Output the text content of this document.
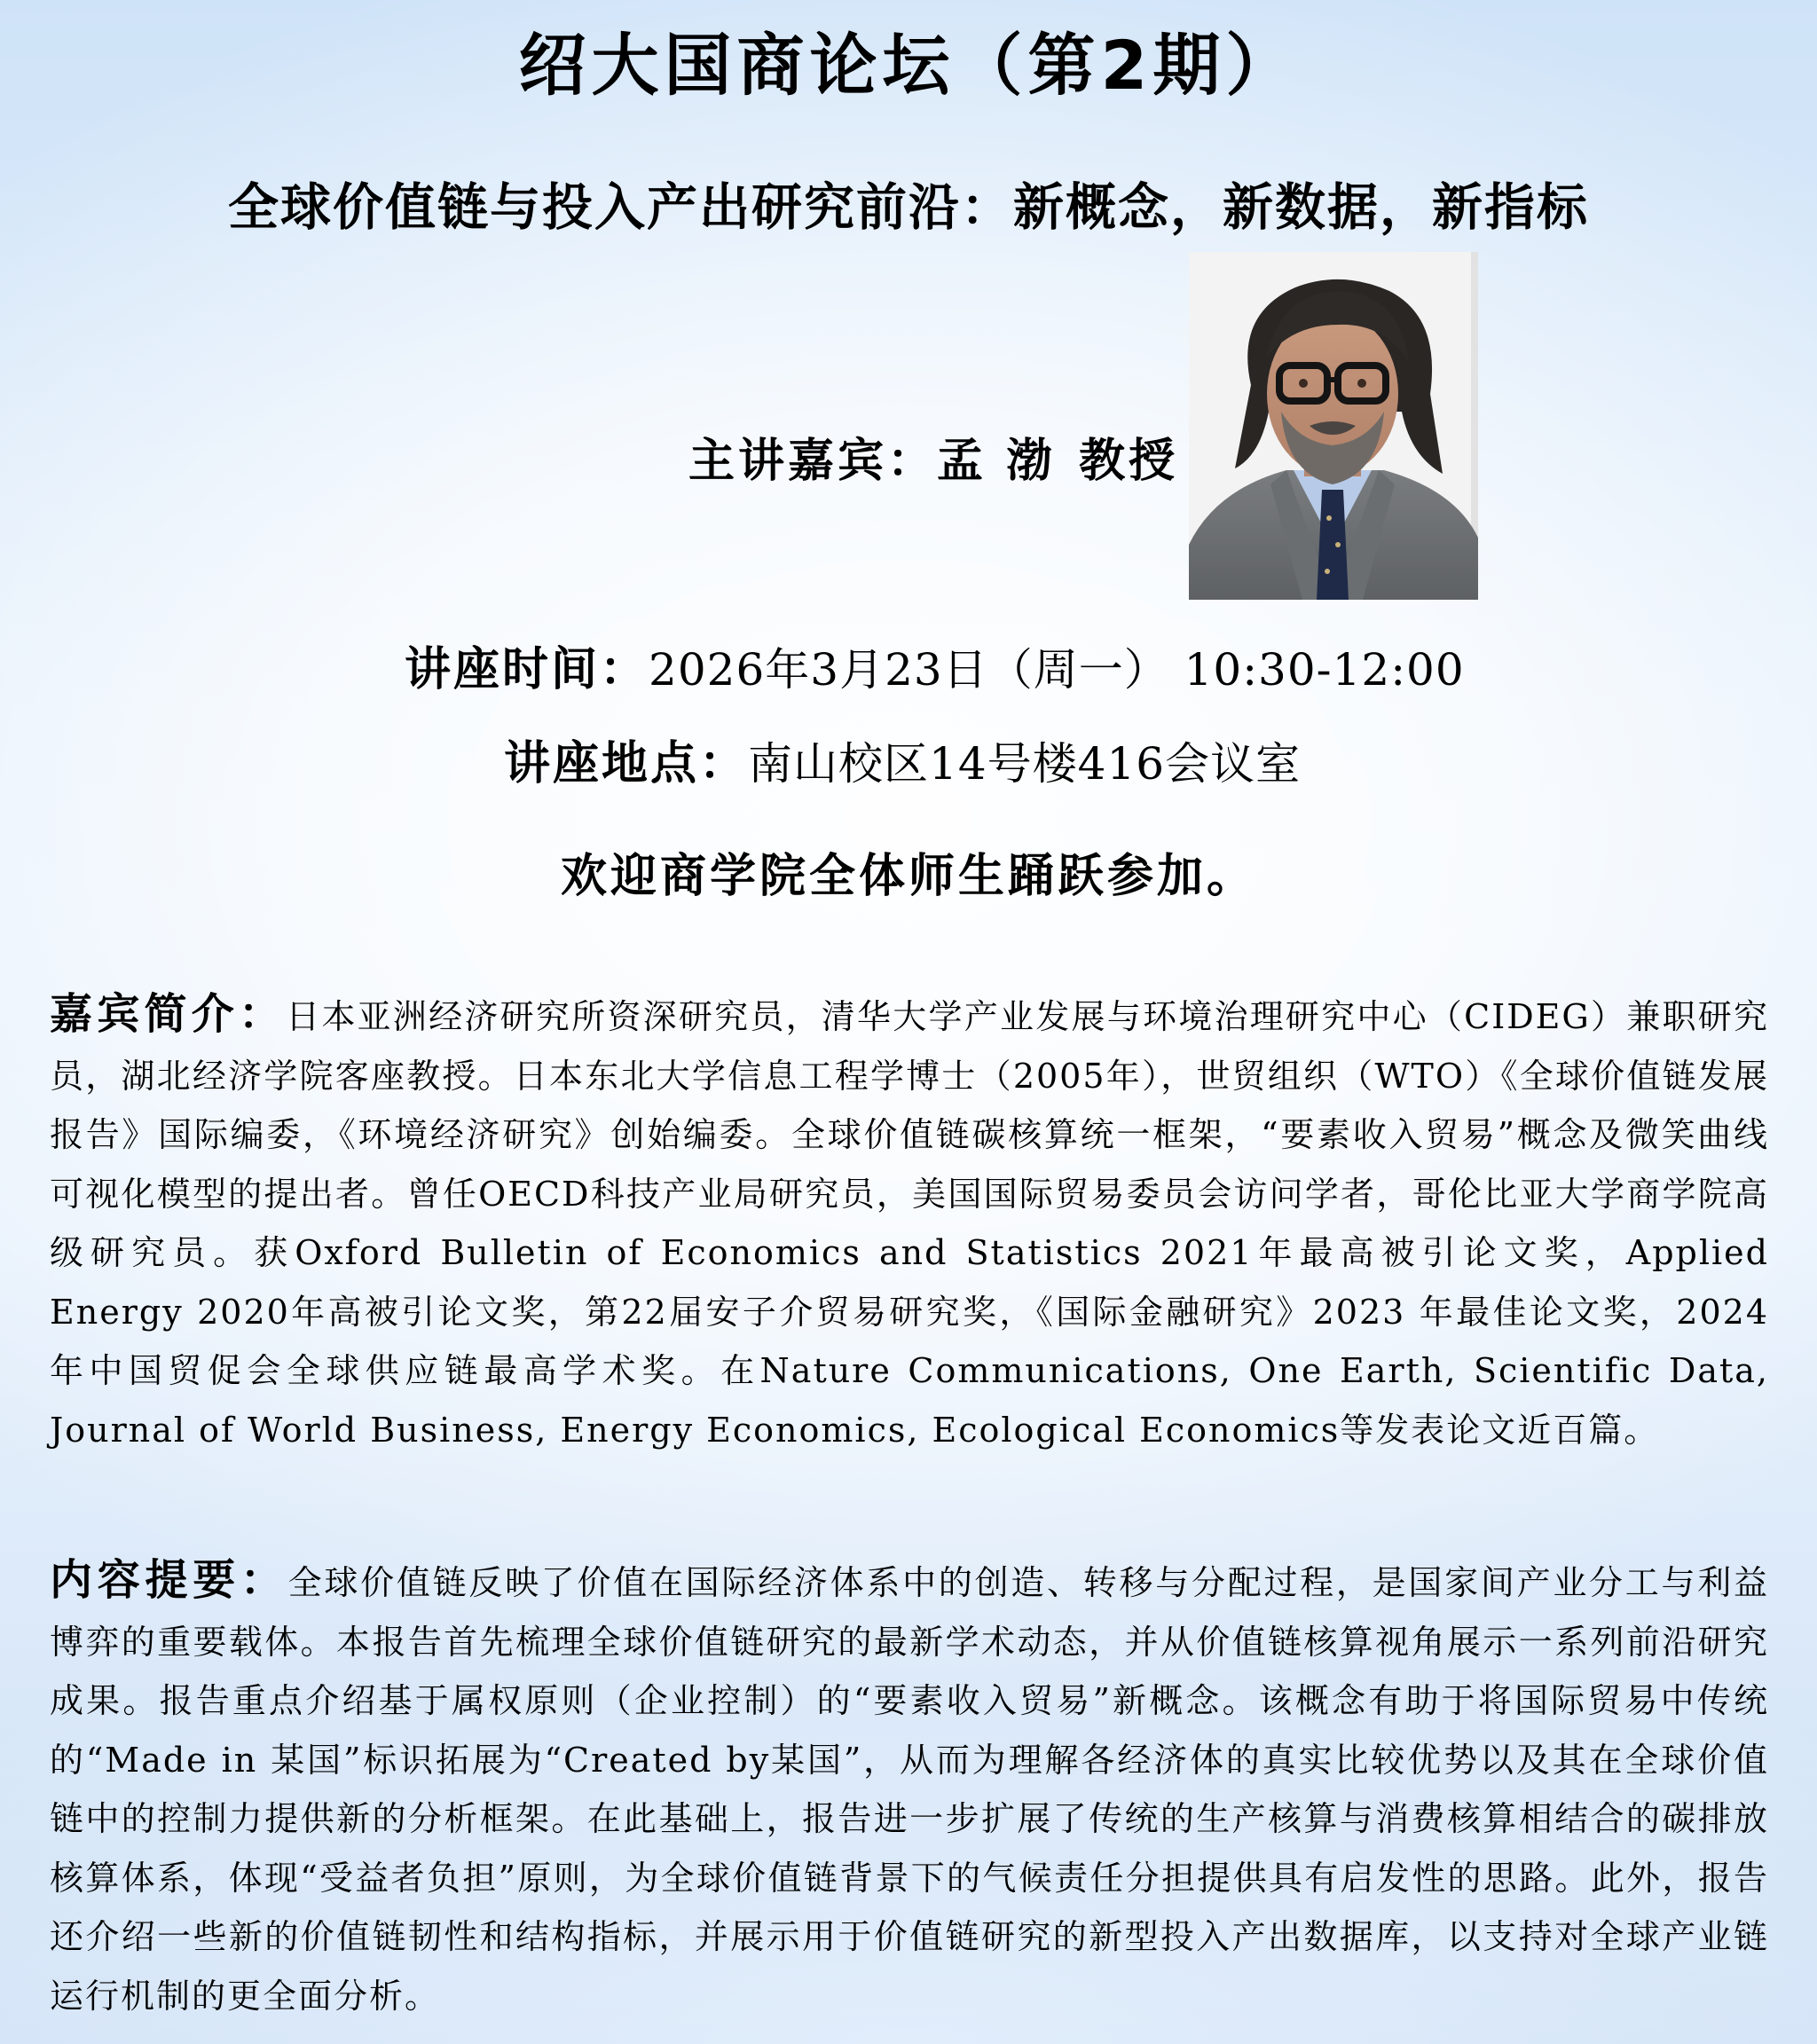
绍大国商论坛（第2期）
全球价值链与投入产出研究前沿：新概念，新数据，新指标
主讲嘉宾：孟 渤 教授
讲座时间：2026年3月23日（周一） 10:30-12:00
讲座地点：南山校区14号楼416会议室
欢迎商学院全体师生踊跃参加。
嘉宾简介：日本亚洲经济研究所资深研究员，清华大学产业发展与环境治理研究中心（CIDEG）兼职研究员，湖北经济学院客座教授。日本东北大学信息工程学博士（2005年），世贸组织（WTO）《全球价值链发展报告》国际编委，《环境经济研究》创始编委。全球价值链碳核算统一框架，“要素收入贸易”概念及微笑曲线可视化模型的提出者。曾任OECD科技产业局研究员，美国国际贸易委员会访问学者，哥伦比亚大学商学院高级研究员。获Oxford Bulletin of Economics and Statistics 2021年最高被引论文奖，Applied Energy 2020年高被引论文奖，第22届安子介贸易研究奖，《国际金融研究》2023 年最佳论文奖，2024 年中国贸促会全球供应链最高学术奖。在Nature Communications, One Earth, Scientific Data, Journal of World Business, Energy Economics, Ecological Economics等发表论文近百篇。
内容提要：全球价值链反映了价值在国际经济体系中的创造、转移与分配过程，是国家间产业分工与利益博弈的重要载体。本报告首先梳理全球价值链研究的最新学术动态，并从价值链核算视角展示一系列前沿研究成果。报告重点介绍基于属权原则（企业控制）的“要素收入贸易”新概念。该概念有助于将国际贸易中传统的“Made in 某国”标识拓展为“Created by某国”，从而为理解各经济体的真实比较优势以及其在全球价值链中的控制力提供新的分析框架。在此基础上，报告进一步扩展了传统的生产核算与消费核算相结合的碳排放核算体系，体现“受益者负担”原则，为全球价值链背景下的气候责任分担提供具有启发性的思路。此外，报告还介绍一些新的价值链韧性和结构指标，并展示用于价值链研究的新型投入产出数据库，以支持对全球产业链运行机制的更全面分析。
